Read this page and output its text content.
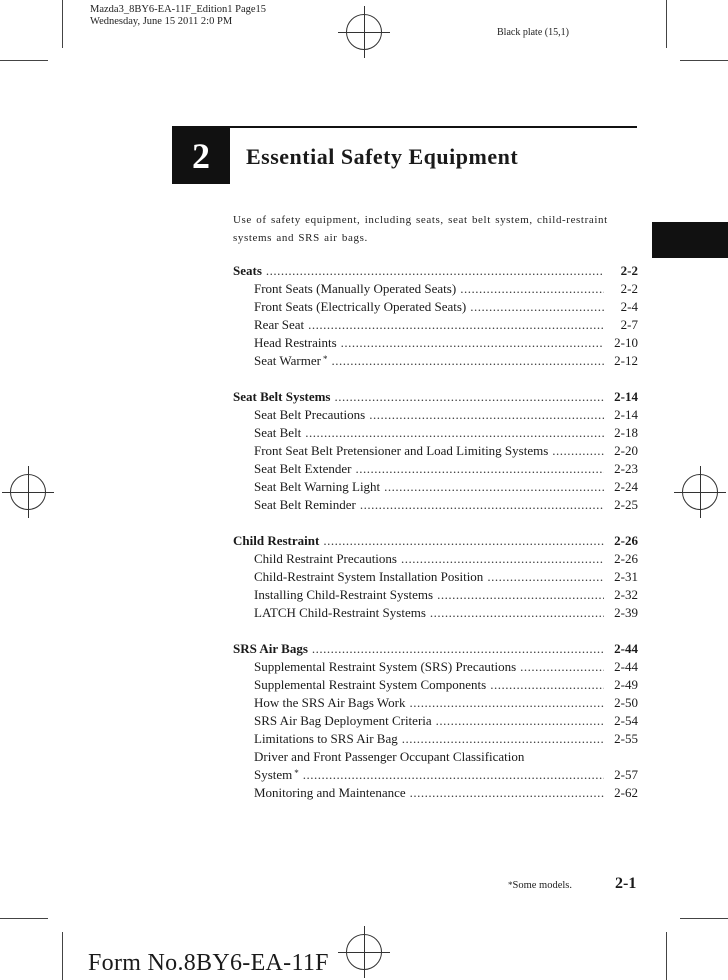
Mazda3_8BY6-EA-11F_Edition1 Page15
Wednesday, June 15 2011 2:0 PM
Black plate (15,1)
2	Essential Safety Equipment
Use of safety equipment, including seats, seat belt system, child-restraint systems and SRS air bags.
Seats .....	2-2
Front Seats (Manually Operated Seats) .....	2-2
Front Seats (Electrically Operated Seats) .....	2-4
Rear Seat .....	2-7
Head Restraints .....	2-10
Seat Warmer * .....	2-12
Seat Belt Systems .....	2-14
Seat Belt Precautions .....	2-14
Seat Belt .....	2-18
Front Seat Belt Pretensioner and Load Limiting Systems .....	2-20
Seat Belt Extender .....	2-23
Seat Belt Warning Light .....	2-24
Seat Belt Reminder .....	2-25
Child Restraint .....	2-26
Child Restraint Precautions .....	2-26
Child-Restraint System Installation Position .....	2-31
Installing Child-Restraint Systems .....	2-32
LATCH Child-Restraint Systems .....	2-39
SRS Air Bags .....	2-44
Supplemental Restraint System (SRS) Precautions .....	2-44
Supplemental Restraint System Components .....	2-49
How the SRS Air Bags Work .....	2-50
SRS Air Bag Deployment Criteria .....	2-54
Limitations to SRS Air Bag .....	2-55
Driver and Front Passenger Occupant Classification
System * .....	2-57
Monitoring and Maintenance .....	2-62
*Some models.	2-1
Form No.8BY6-EA-11F
